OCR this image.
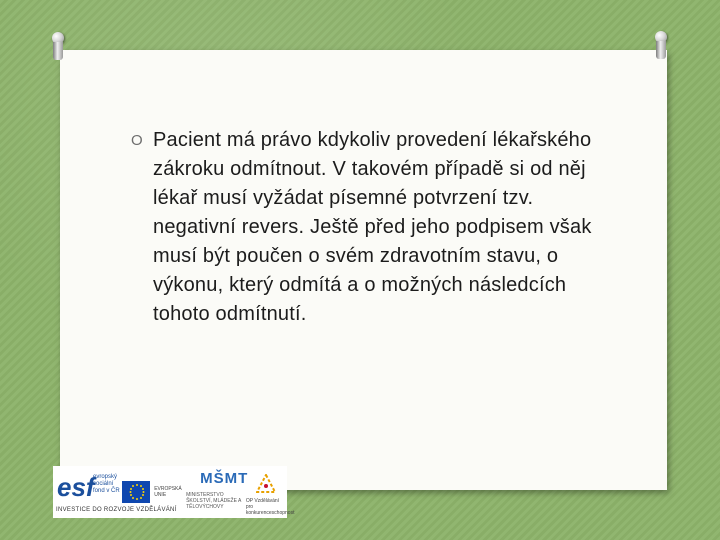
O Pacient má právo kdykoliv provedení lékařského zákroku odmítnout. V takovém případě si od něj lékař musí vyžádat písemné potvrzení tzv. negativní revers. Ještě před jeho podpisem však musí být poučen o svém zdravotním stavu, o výkonu, který odmítá a o možných následcích tohoto odmítnutí.

esf
evropský sociální fond v ČR	EVROPSKÁ UNIE
MŠMT
MINISTERSTVO ŠKOLSTVÍ, MLÁDEŽE A TĚLOVÝCHOVY
OP Vzdělávání pro konkurenceschopnost
INVESTICE DO ROZVOJE VZDĚLÁVÁNÍ
